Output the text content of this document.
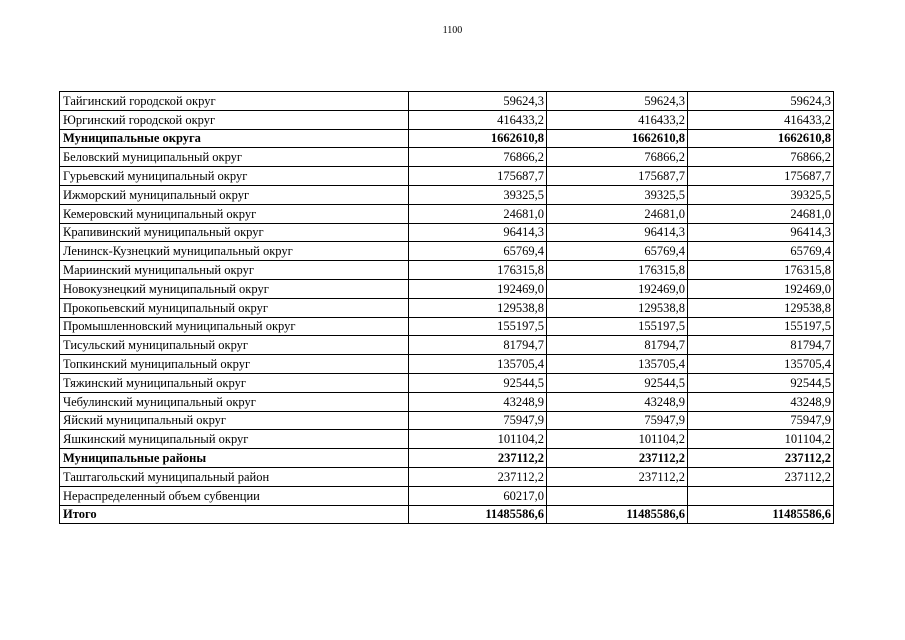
1100
Тайгинский городской округ	59624,3	59624,3	59624,3
Юргинский городской округ	416433,2	416433,2	416433,2
Муниципальные округа	1662610,8	1662610,8	1662610,8
Беловский муниципальный округ	76866,2	76866,2	76866,2
Гурьевский муниципальный округ	175687,7	175687,7	175687,7
Ижморский муниципальный округ	39325,5	39325,5	39325,5
Кемеровский муниципальный округ	24681,0	24681,0	24681,0
Крапивинский муниципальный округ	96414,3	96414,3	96414,3
Ленинск-Кузнецкий муниципальный округ	65769,4	65769,4	65769,4
Мариинский муниципальный округ	176315,8	176315,8	176315,8
Новокузнецкий муниципальный округ	192469,0	192469,0	192469,0
Прокопьевский муниципальный округ	129538,8	129538,8	129538,8
Промышленновский муниципальный округ	155197,5	155197,5	155197,5
Тисульский муниципальный округ	81794,7	81794,7	81794,7
Топкинский муниципальный округ	135705,4	135705,4	135705,4
Тяжинский муниципальный округ	92544,5	92544,5	92544,5
Чебулинский муниципальный округ	43248,9	43248,9	43248,9
Яйский муниципальный округ	75947,9	75947,9	75947,9
Яшкинский муниципальный округ	101104,2	101104,2	101104,2
Муниципальные районы	237112,2	237112,2	237112,2
Таштагольский муниципальный район	237112,2	237112,2	237112,2
Нераспределенный объем субвенции	60217,0		
Итого	11485586,6	11485586,6	11485586,6
